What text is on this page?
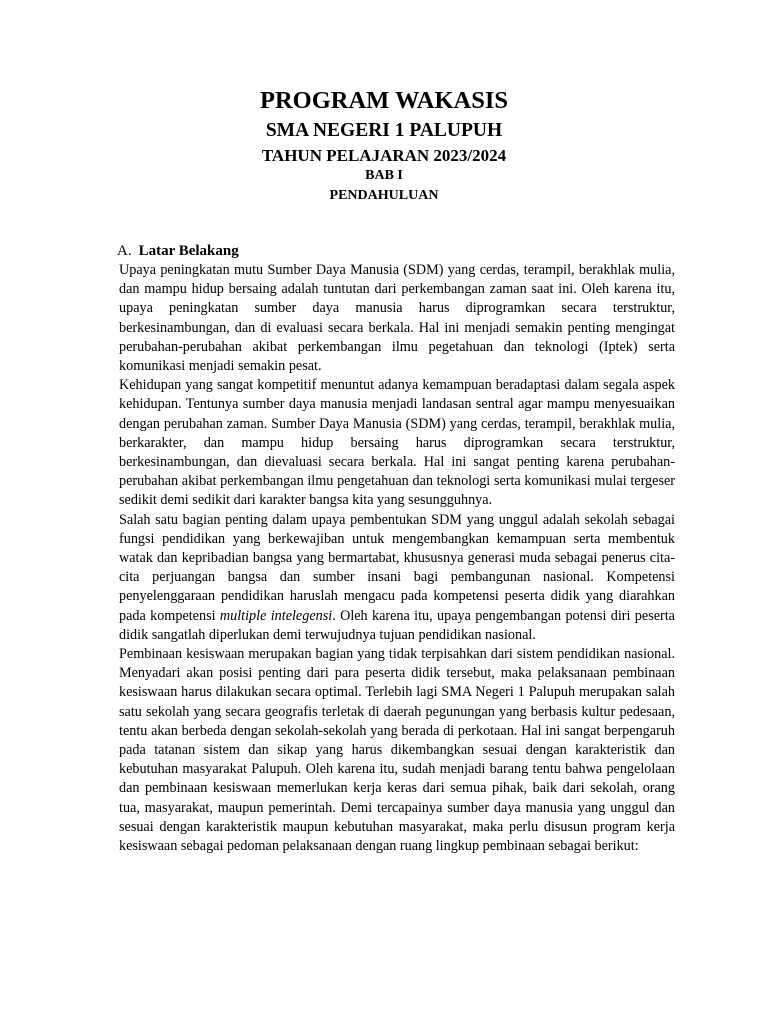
PROGRAM WAKASIS
SMA NEGERI 1 PALUPUH
TAHUN PELAJARAN 2023/2024
BAB I
PENDAHULUAN
A. Latar Belakang

Upaya peningkatan mutu Sumber Daya Manusia (SDM) yang cerdas, terampil, berakhlak mulia, dan mampu hidup bersaing adalah tuntutan dari perkembangan zaman saat ini. Oleh karena itu, upaya peningkatan sumber daya manusia harus diprogramkan secara terstruktur, berkesinambungan, dan di evaluasi secara berkala. Hal ini menjadi semakin penting mengingat perubahan-perubahan akibat perkembangan ilmu pegetahuan dan teknologi (Iptek) serta komunikasi menjadi semakin pesat.

Kehidupan yang sangat kompetitif menuntut adanya kemampuan beradaptasi dalam segala aspek kehidupan. Tentunya sumber daya manusia menjadi landasan sentral agar mampu menyesuaikan dengan perubahan zaman. Sumber Daya Manusia (SDM) yang cerdas, terampil, berakhlak mulia, berkarakter, dan mampu hidup bersaing harus diprogramkan secara terstruktur, berkesinambungan, dan dievaluasi secara berkala. Hal ini sangat penting karena perubahan-perubahan akibat perkembangan ilmu pengetahuan dan teknologi serta komunikasi mulai tergeser sedikit demi sedikit dari karakter bangsa kita yang sesungguhnya.

Salah satu bagian penting dalam upaya pembentukan SDM yang unggul adalah sekolah sebagai fungsi pendidikan yang berkewajiban untuk mengembangkan kemampuan serta membentuk watak dan kepribadian bangsa yang bermartabat, khususnya generasi muda sebagai penerus cita-cita perjuangan bangsa dan sumber insani bagi pembangunan nasional. Kompetensi penyelenggaraan pendidikan haruslah mengacu pada kompetensi peserta didik yang diarahkan pada kompetensi multiple intelegensi. Oleh karena itu, upaya pengembangan potensi diri peserta didik sangatlah diperlukan demi terwujudnya tujuan pendidikan nasional.

Pembinaan kesiswaan merupakan bagian yang tidak terpisahkan dari sistem pendidikan nasional. Menyadari akan posisi penting dari para peserta didik tersebut, maka pelaksanaan pembinaan kesiswaan harus dilakukan secara optimal. Terlebih lagi SMA Negeri 1 Palupuh merupakan salah satu sekolah yang secara geografis terletak di daerah pegunungan yang berbasis kultur pedesaan, tentu akan berbeda dengan sekolah-sekolah yang berada di perkotaan. Hal ini sangat berpengaruh pada tatanan sistem dan sikap yang harus dikembangkan sesuai dengan karakteristik dan kebutuhan masyarakat Palupuh. Oleh karena itu, sudah menjadi barang tentu bahwa pengelolaan dan pembinaan kesiswaan memerlukan kerja keras dari semua pihak, baik dari sekolah, orang tua, masyarakat, maupun pemerintah. Demi tercapainya sumber daya manusia yang unggul dan sesuai dengan karakteristik maupun kebutuhan masyarakat, maka perlu disusun program kerja kesiswaan sebagai pedoman pelaksanaan dengan ruang lingkup pembinaan sebagai berikut:
